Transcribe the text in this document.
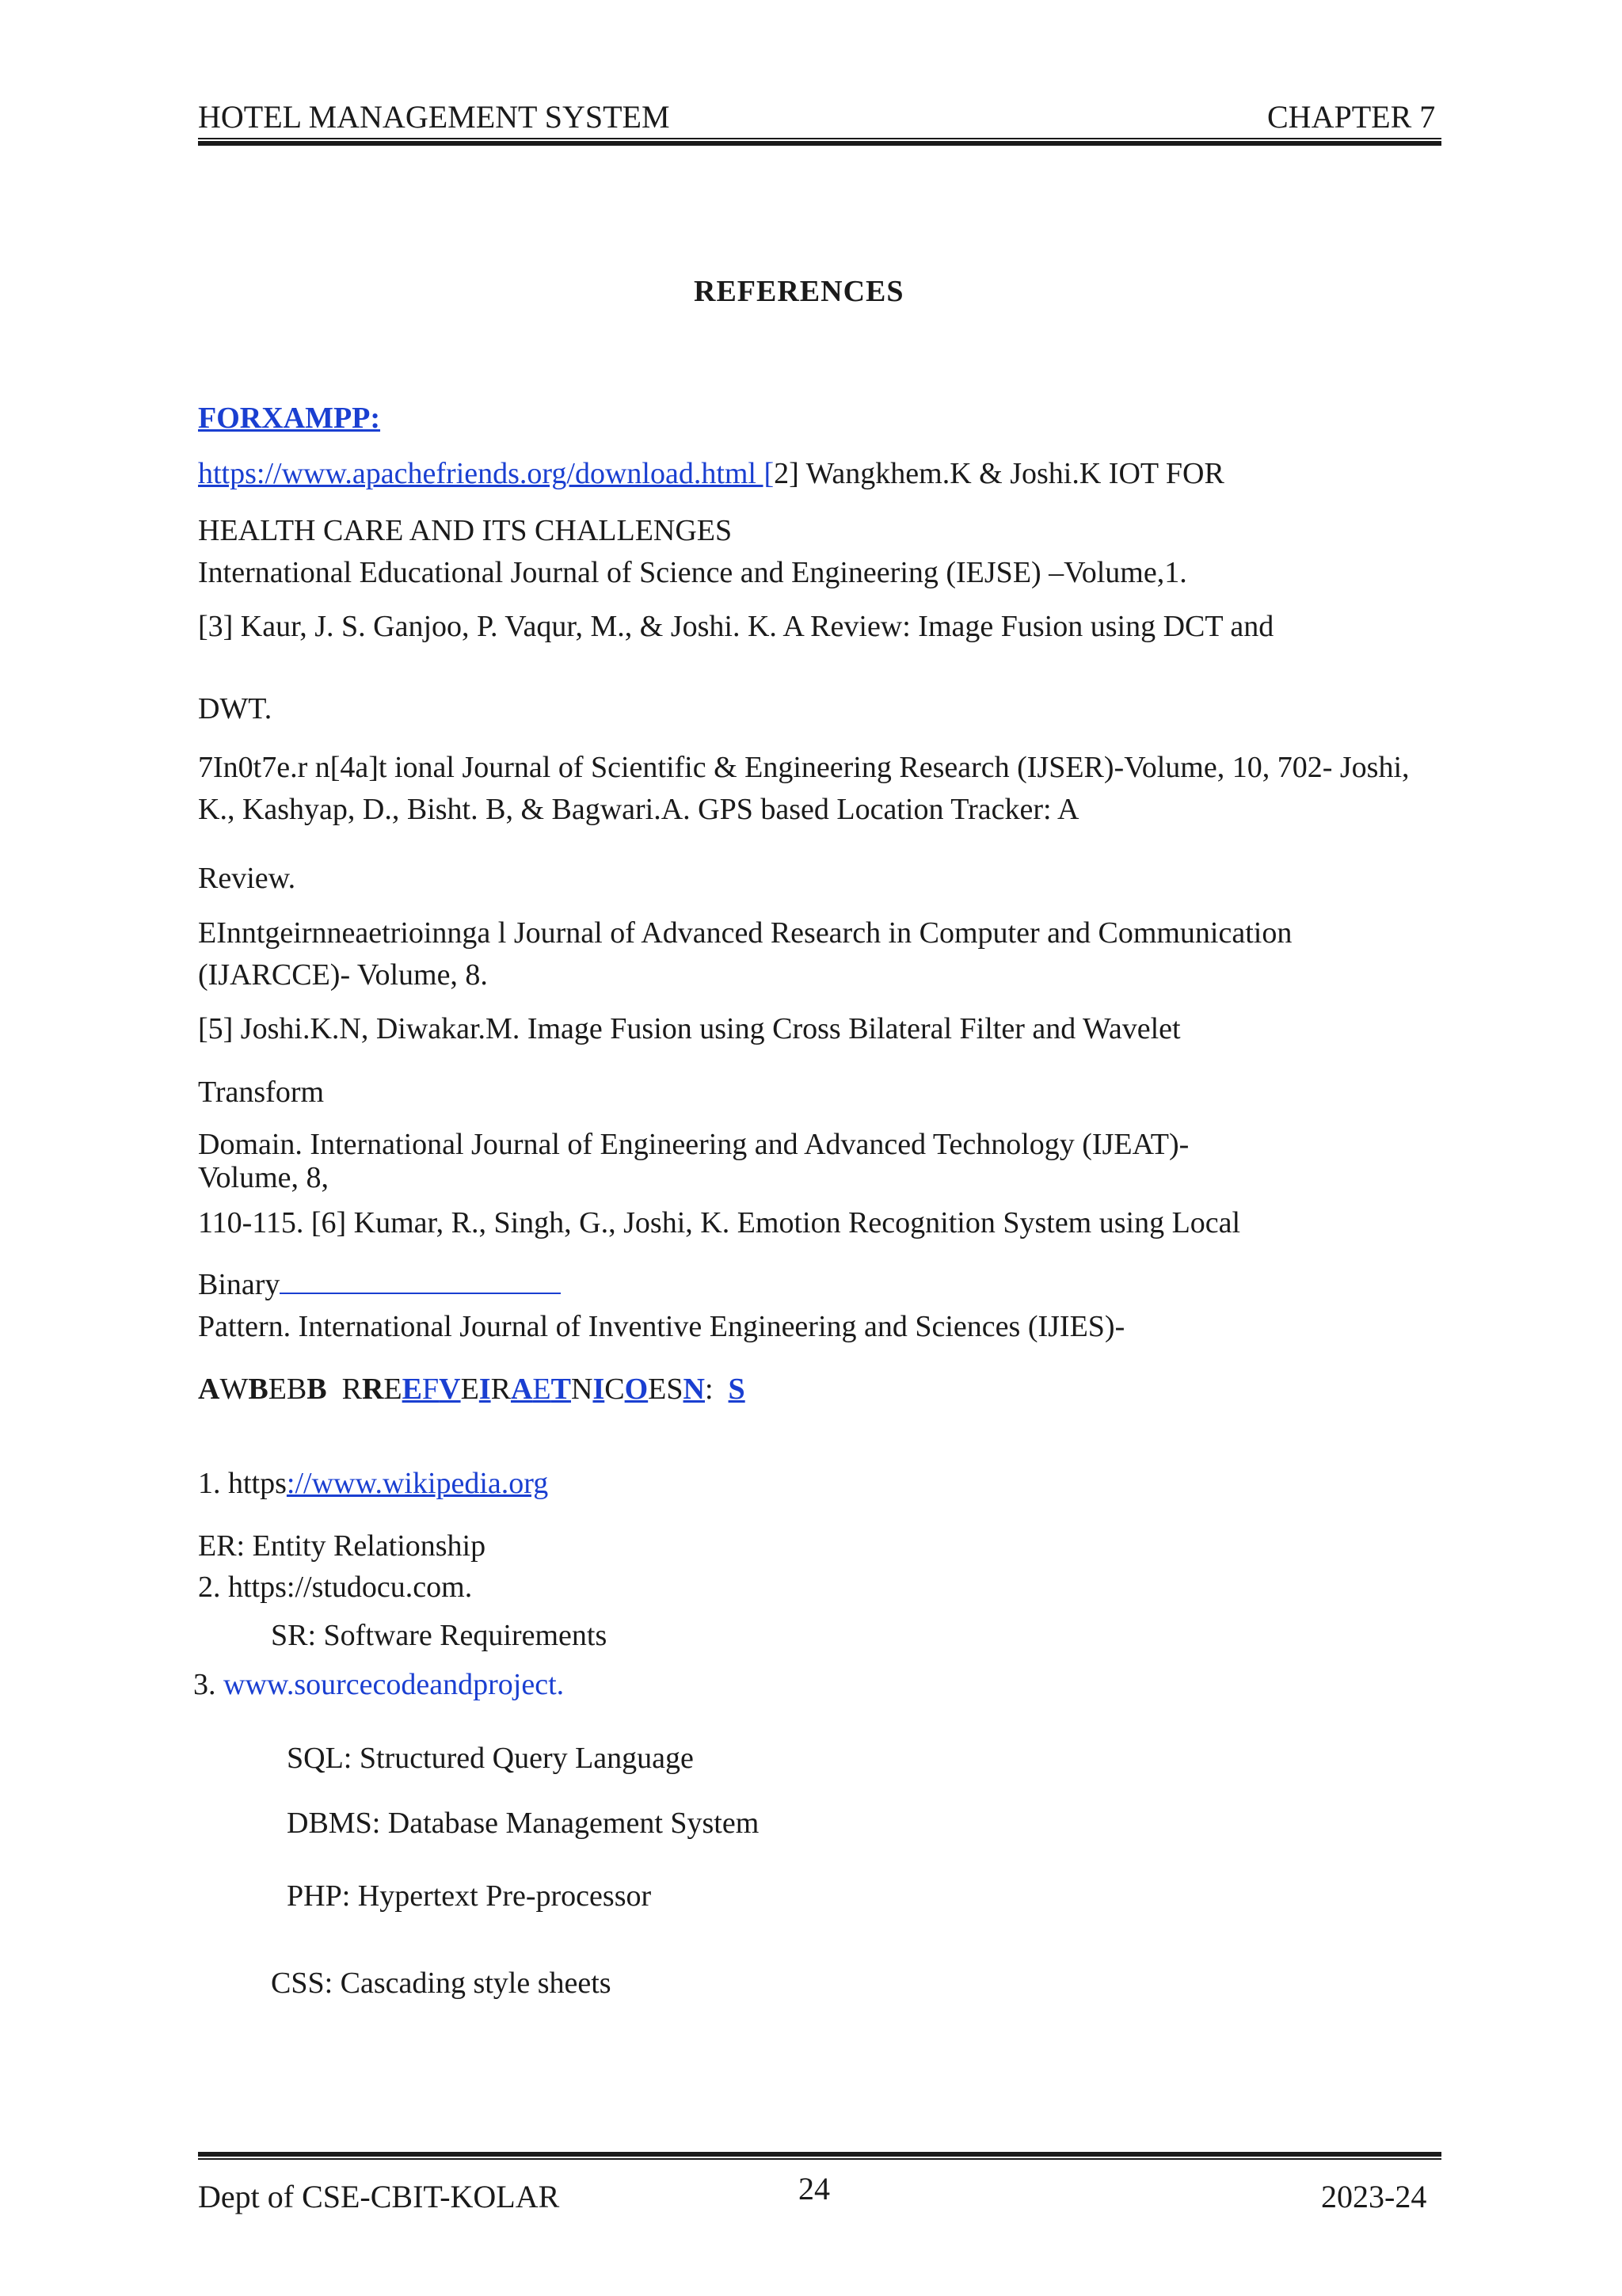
HOTEL MANAGEMENT SYSTEM	CHAPTER 7
REFERENCES
FORXAMPP:
https://www.apachefriends.org/download.html [2] Wangkhem.K & Joshi.K IOT FOR
HEALTH CARE AND ITS CHALLENGES
International Educational Journal of Science and Engineering (IEJSE) –Volume,1.
[3] Kaur, J. S. Ganjoo, P. Vaqur, M., & Joshi. K. A Review: Image Fusion using DCT and
DWT.
7In0t7e.r n[4a]t ional Journal of Scientific & Engineering Research (IJSER)-Volume, 10, 702- Joshi,
K., Kashyap, D., Bisht. B, & Bagwari.A. GPS based Location Tracker: A
Review.
EInntgeirnneaetrioinnga l Journal of Advanced Research in Computer and Communication
(IJARCCE)- Volume, 8.
[5] Joshi.K.N, Diwakar.M. Image Fusion using Cross Bilateral Filter and Wavelet
Transform
Domain. International Journal of Engineering and Advanced Technology (IJEAT)-
Volume, 8,
110-115. [6] Kumar, R., Singh, G., Joshi, K. Emotion Recognition System using Local
Binary
Pattern. International Journal of Inventive Engineering and Sciences (IJIES)-
AWBEBB  RREEFVEIRAETNICOESN:  S
1. https://www.wikipedia.org
ER: Entity Relationship
2. https://studocu.com.
SR: Software Requirements
3. www.sourcecodeandproject.
SQL: Structured Query Language
DBMS: Database Management System
PHP: Hypertext Pre-processor
CSS: Cascading style sheets
Dept of CSE-CBIT-KOLAR	24	2023-24
